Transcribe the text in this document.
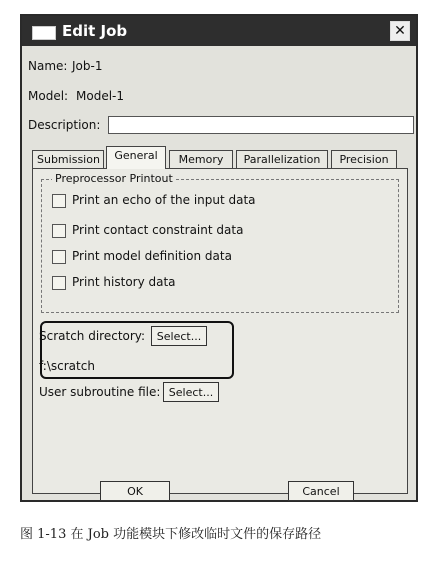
Edit Job	✕
Name: Job-1
Model: Model-1
Description:
Submission	General	Memory	Parallelization	Precision
Preprocessor Printout
Print an echo of the input data
Print contact constraint data
Print model definition data
Print history data
Scratch directory:	Select...
f:\scratch
User subroutine file: Select...
OK	Cancel
图 1-13 在 Job 功能模块下修改临时文件的保存路径
